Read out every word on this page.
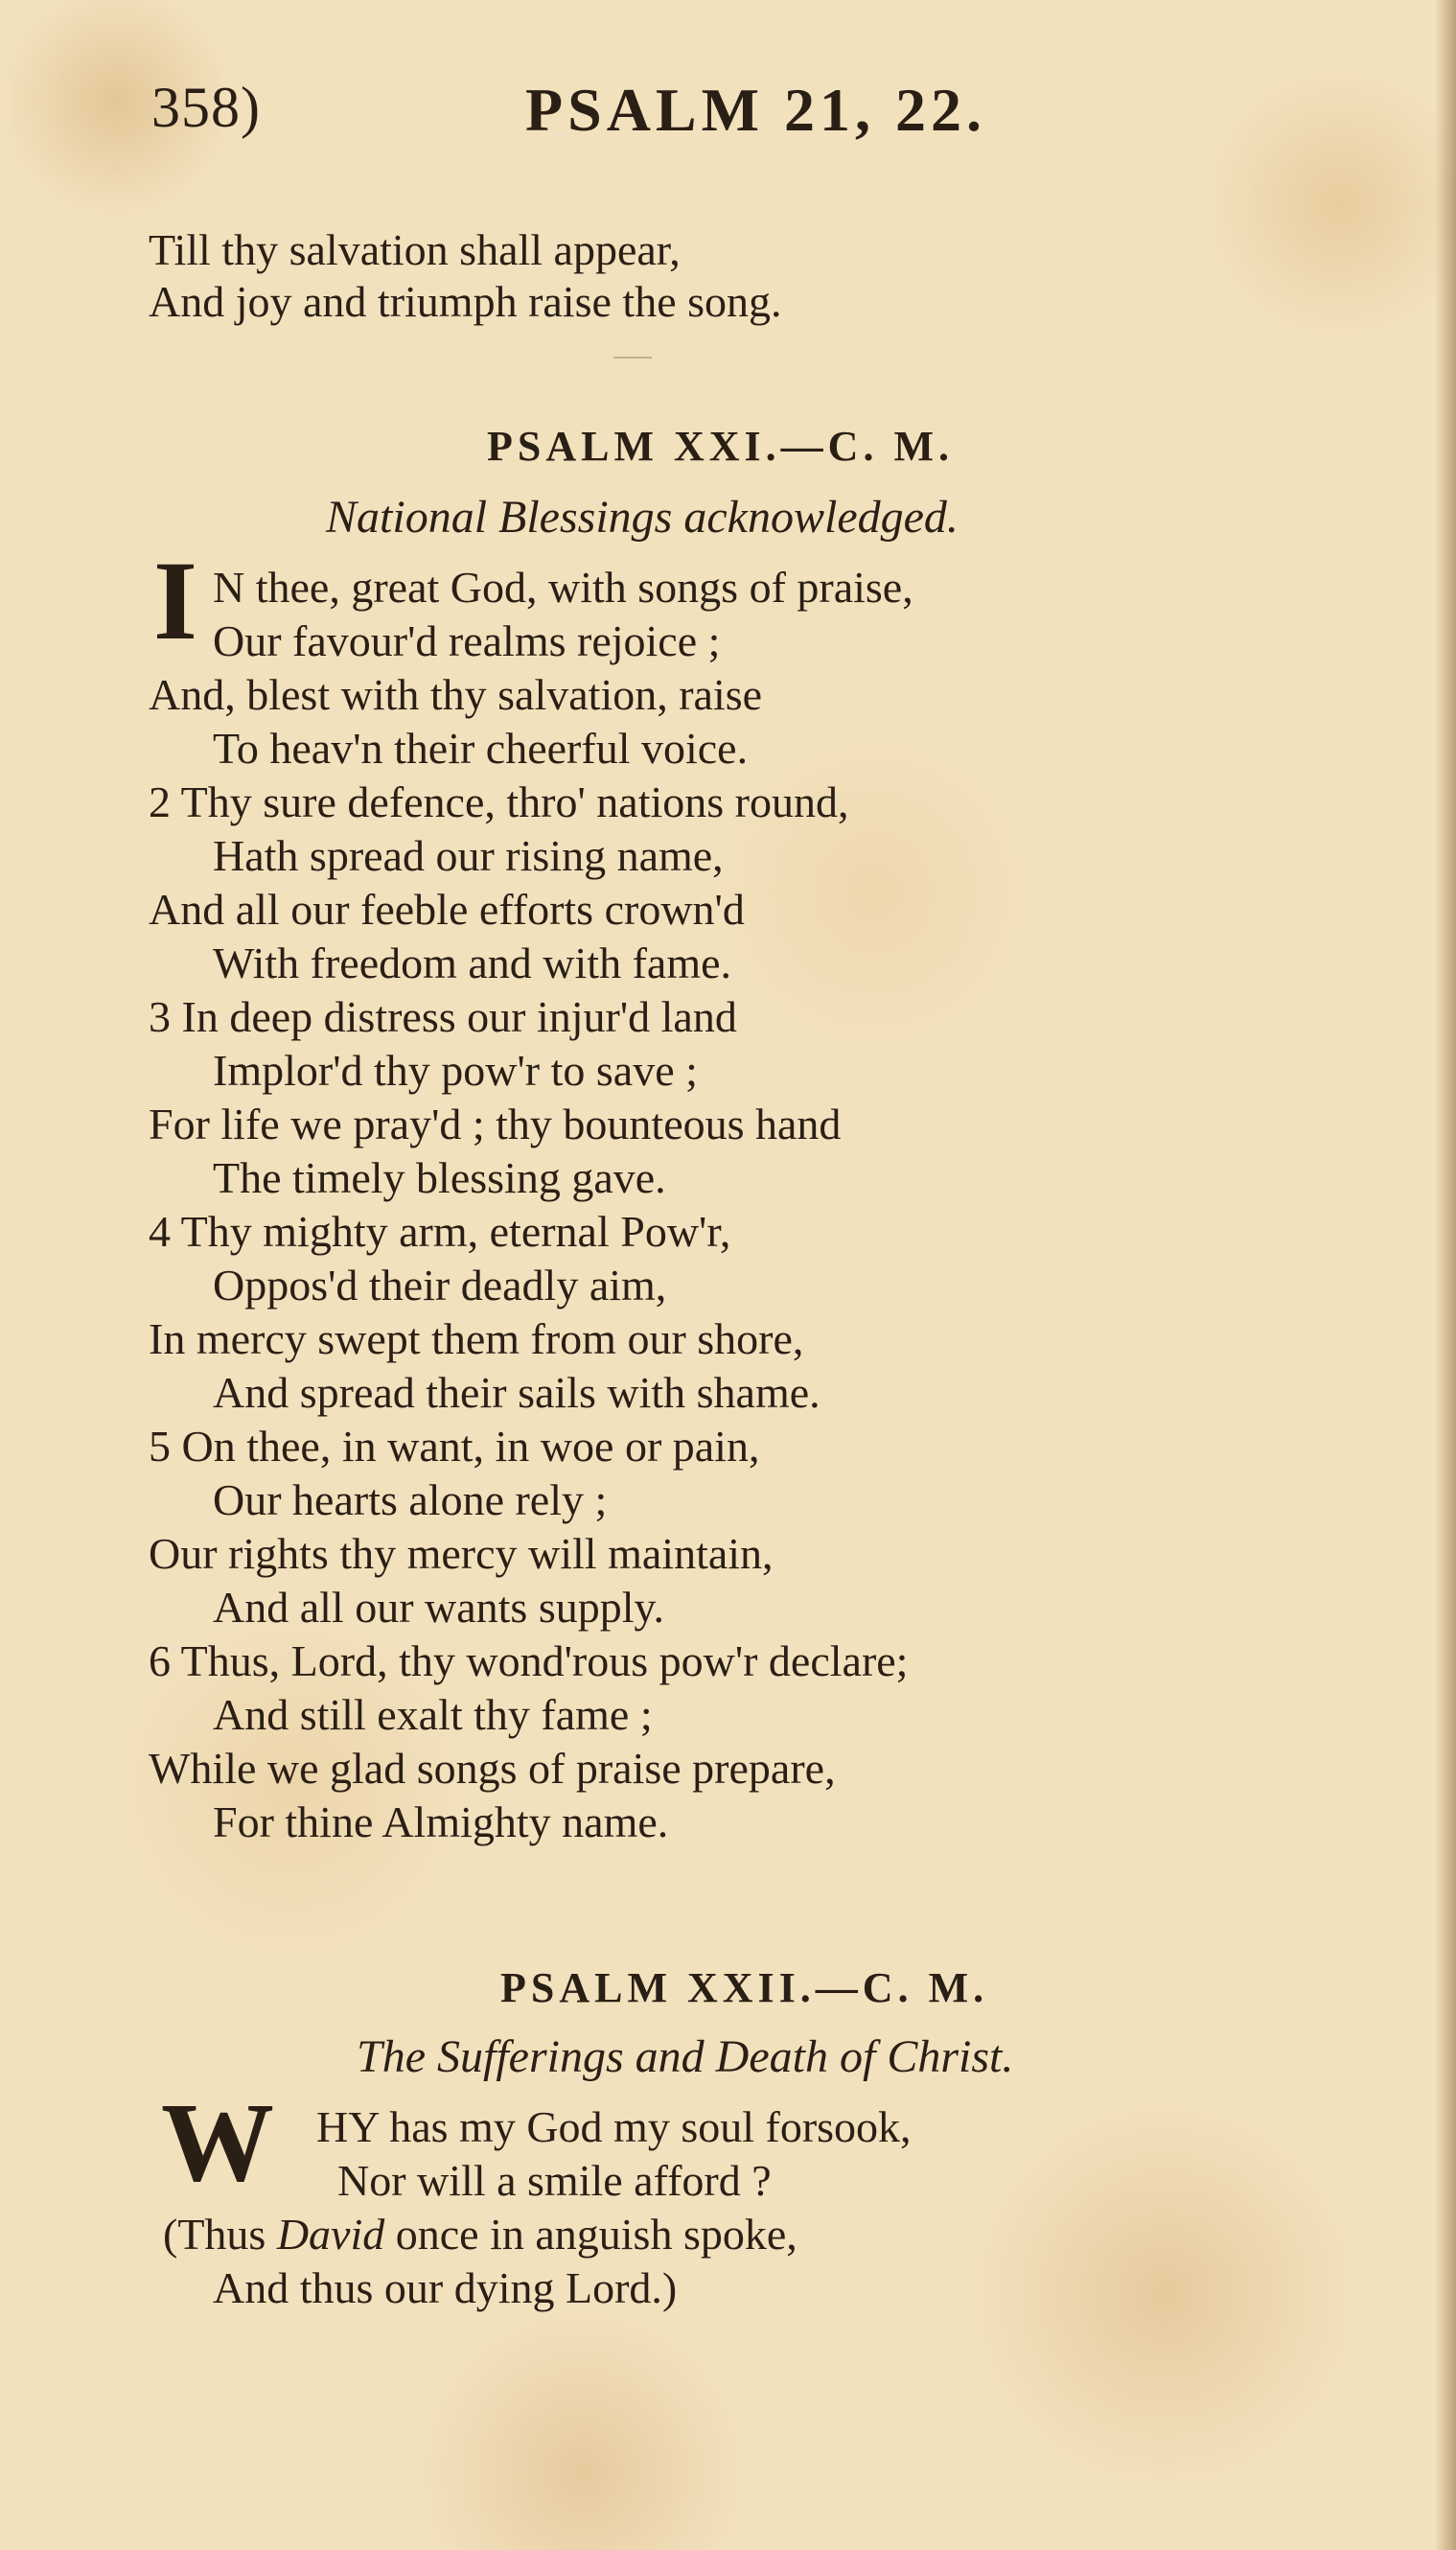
358)	PSALM 21, 22.
Till thy salvation shall appear,
And joy and triumph raise the song.
PSALM XXI.—C. M.
National Blessings acknowledged.
I N thee, great God, with songs of praise,
Our favour'd realms rejoice ;
And, blest with thy salvation, raise
To heav'n their cheerful voice.
2 Thy sure defence, thro' nations round,
Hath spread our rising name,
And all our feeble efforts crown'd
With freedom and with fame.
3 In deep distress our injur'd land
Implor'd thy pow'r to save ;
For life we pray'd ; thy bounteous hand
The timely blessing gave.
4 Thy mighty arm, eternal Pow'r,
Oppos'd their deadly aim,
In mercy swept them from our shore,
And spread their sails with shame.
5 On thee, in want, in woe or pain,
Our hearts alone rely ;
Our rights thy mercy will maintain,
And all our wants supply.
6 Thus, Lord, thy wond'rous pow'r declare;
And still exalt thy fame ;
While we glad songs of praise prepare,
For thine Almighty name.
PSALM XXII.—C. M.
The Sufferings and Death of Christ.
W HY has my God my soul forsook,
Nor will a smile afford ?
(Thus David once in anguish spoke,
And thus our dying Lord.)
